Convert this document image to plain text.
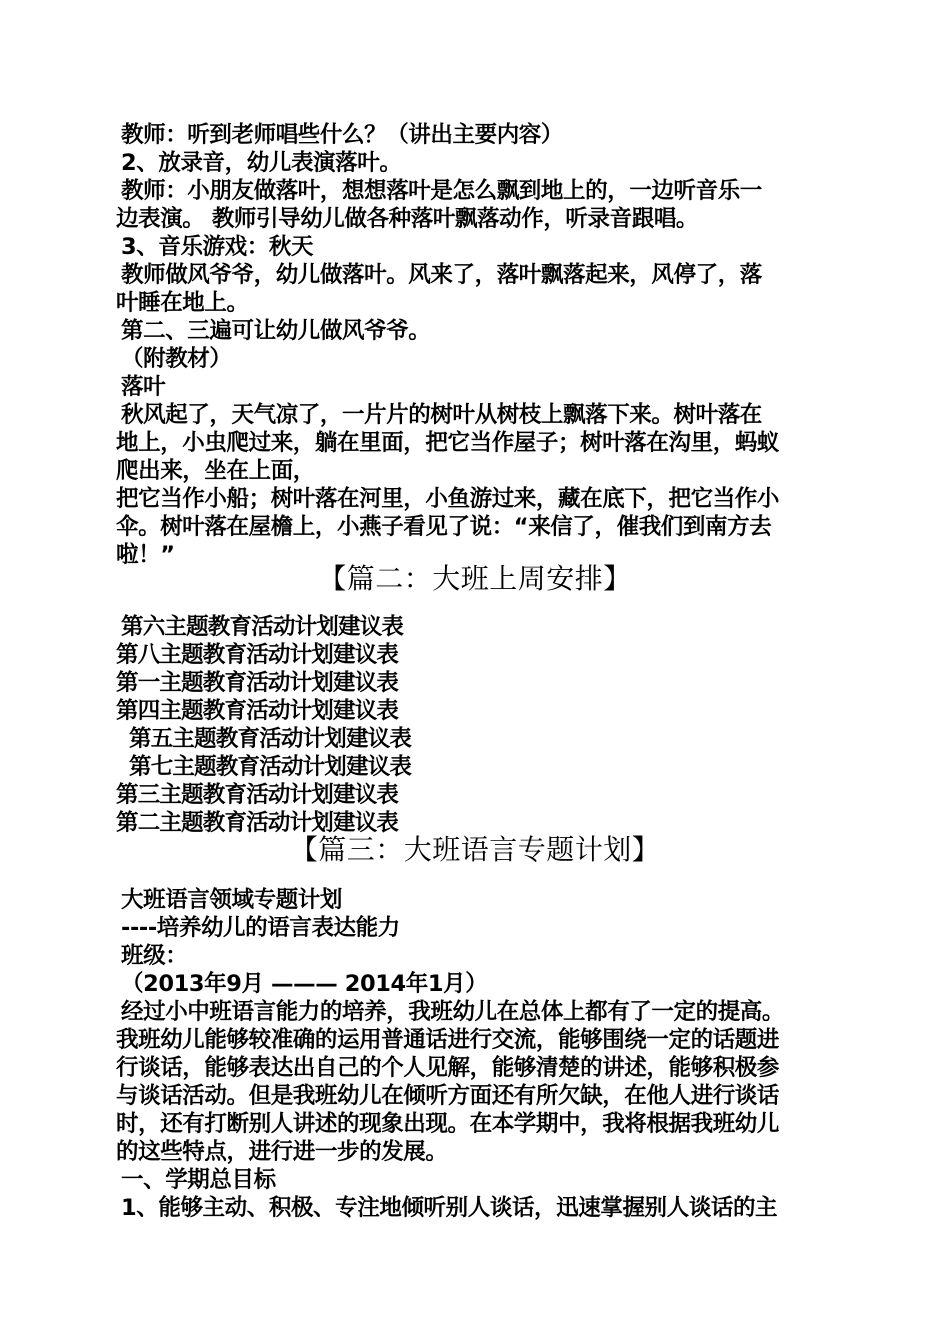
教师：听到老师唱些什么？（讲出主要内容）
2、放录音，幼儿表演落叶。
教师：小朋友做落叶，想想落叶是怎么飘到地上的，一边听音乐一
边表演。 教师引导幼儿做各种落叶飘落动作，听录音跟唱。
3、音乐游戏：秋天
教师做风爷爷，幼儿做落叶。风来了，落叶飘落起来，风停了，落
叶睡在地上。
第二、三遍可让幼儿做风爷爷。
（附教材）
落叶
秋风起了，天气凉了，一片片的树叶从树枝上飘落下来。树叶落在
地上，小虫爬过来，躺在里面，把它当作屋子；树叶落在沟里，蚂蚁
爬出来，坐在上面，
把它当作小船；树叶落在河里，小鱼游过来，藏在底下，把它当作小
伞。树叶落在屋檐上，小燕子看见了说：“来信了，催我们到南方去
啦！”
【篇二：大班上周安排】
第六主题教育活动计划建议表
第八主题教育活动计划建议表
第一主题教育活动计划建议表
第四主题教育活动计划建议表
第五主题教育活动计划建议表
第七主题教育活动计划建议表
第三主题教育活动计划建议表
第二主题教育活动计划建议表
【篇三：大班语言专题计划】
大班语言领域专题计划
----培养幼儿的语言表达能力
班级：
（2013年9月 ——— 2014年1月）
经过小中班语言能力的培养，我班幼儿在总体上都有了一定的提高。
我班幼儿能够较准确的运用普通话进行交流，能够围绕一定的话题进
行谈话，能够表达出自己的个人见解，能够清楚的讲述，能够积极参
与谈话活动。但是我班幼儿在倾听方面还有所欠缺，在他人进行谈话
时，还有打断别人讲述的现象出现。在本学期中，我将根据我班幼儿
的这些特点，进行进一步的发展。
一、学期总目标
1、能够主动、积极、专注地倾听别人谈话，迅速掌握别人谈话的主
